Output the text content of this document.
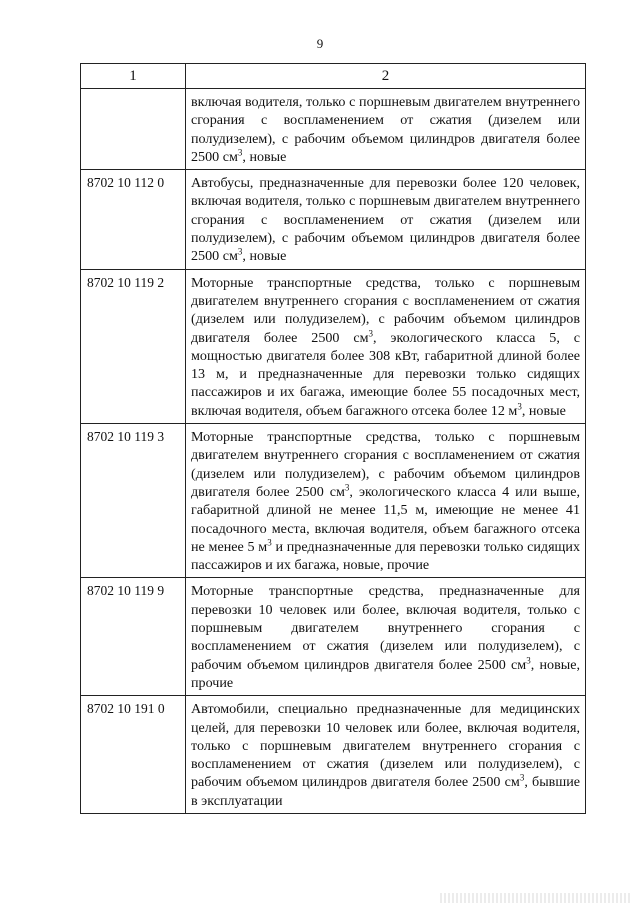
9
1	2
	включая водителя, только с поршневым двигателем внутреннего сгорания с воспламенением от сжатия (дизелем или полудизелем), с рабочим объемом цилиндров двигателя более 2500 $см^3$, новые
8702 10 112 0	Автобусы, предназначенные для перевозки более 120 человек, включая водителя, только с поршневым двигателем внутреннего сгорания с воспламенением от сжатия (дизелем или полудизелем), с рабочим объемом цилиндров двигателя более 2500 $см^3$, новые
8702 10 119 2	Моторные транспортные средства, только с поршневым двигателем внутреннего сгорания с воспламенением от сжатия (дизелем или полудизелем), с рабочим объемом цилиндров двигателя более 2500 $см^3$, экологического класса 5, с мощностью двигателя более 308 кВт, габаритной длиной более 13 м, и предназначенные для перевозки только сидящих пассажиров и их багажа, имеющие более 55 посадочных мест, включая водителя, объем багажного отсека более 12 $м^3$, новые
8702 10 119 3	Моторные транспортные средства, только с поршневым двигателем внутреннего сгорания с воспламенением от сжатия (дизелем или полудизелем), с рабочим объемом цилиндров двигателя более 2500 $см^3$, экологического класса 4 или выше, габаритной длиной не менее 11,5 м, имеющие не менее 41 посадочного места, включая водителя, объем багажного отсека не менее 5 $м^3$ и предназначенные для перевозки только сидящих пассажиров и их багажа, новые, прочие
8702 10 119 9	Моторные транспортные средства, предназначенные для перевозки 10 человек или более, включая водителя, только с поршневым двигателем внутреннего сгорания с воспламенением от сжатия (дизелем или полудизелем), с рабочим объемом цилиндров двигателя более 2500 $см^3$, новые, прочие
8702 10 191 0	Автомобили, специально предназначенные для медицинских целей, для перевозки 10 человек или более, включая водителя, только с поршневым двигателем внутреннего сгорания с воспламенением от сжатия (дизелем или полудизелем), с рабочим объемом цилиндров двигателя более 2500 $см^3$, бывшие в эксплуатации
